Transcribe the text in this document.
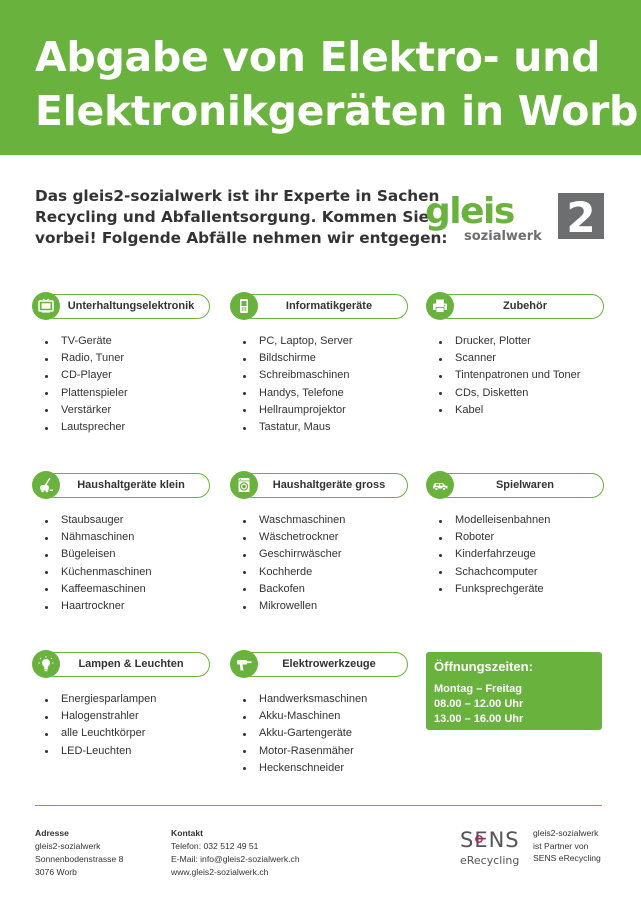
Abgabe von Elektro- und
Elektronikgeräten in Worb
Das gleis2-sozialwerk ist ihr Experte in Sachen
Recycling und Abfallentsorgung. Kommen Sie
vorbei! Folgende Abfälle nehmen wir entgegen:
gleis
sozialwerk 2
Unterhaltungselektronik
TV-Geräte
Radio, Tuner
CD-Player
Plattenspieler
Verstärker
Lautsprecher
Informatikgeräte
PC, Laptop, Server
Bildschirme
Schreibmaschinen
Handys, Telefone
Hellraumprojektor
Tastatur, Maus
Zubehör
Drucker, Plotter
Scanner
Tintenpatronen und Toner
CDs, Disketten
Kabel
Haushaltgeräte klein
Staubsauger
Nähmaschinen
Bügeleisen
Küchenmaschinen
Kaffeemaschinen
Haartrockner
Haushaltgeräte gross
Waschmaschinen
Wäschetrockner
Geschirrwäscher
Kochherde
Backofen
Mikrowellen
Spielwaren
Modelleisenbahnen
Roboter
Kinderfahrzeuge
Schachcomputer
Funksprechgeräte
Lampen & Leuchten
Energiesparlampen
Halogenstrahler
alle Leuchtkörper
LED-Leuchten
Elektrowerkzeuge
Handwerksmaschinen
Akku-Maschinen
Akku-Gartengeräte
Motor-Rasenmäher
Heckenschneider
Öffnungszeiten:
Montag – Freitag
08.00 – 12.00 Uhr
13.00 – 16.00 Uhr
Adresse
gleis2-sozialwerk
Sonnenbodenstrasse 8
3076 Worb
Kontakt
Telefon: 032 512 49 51
E-Mail: info@gleis2-sozialwerk.ch
www.gleis2-sozialwerk.ch
SENS
eRecycling
gleis2-sozialwerk
ist Partner von
SENS eRecycling
